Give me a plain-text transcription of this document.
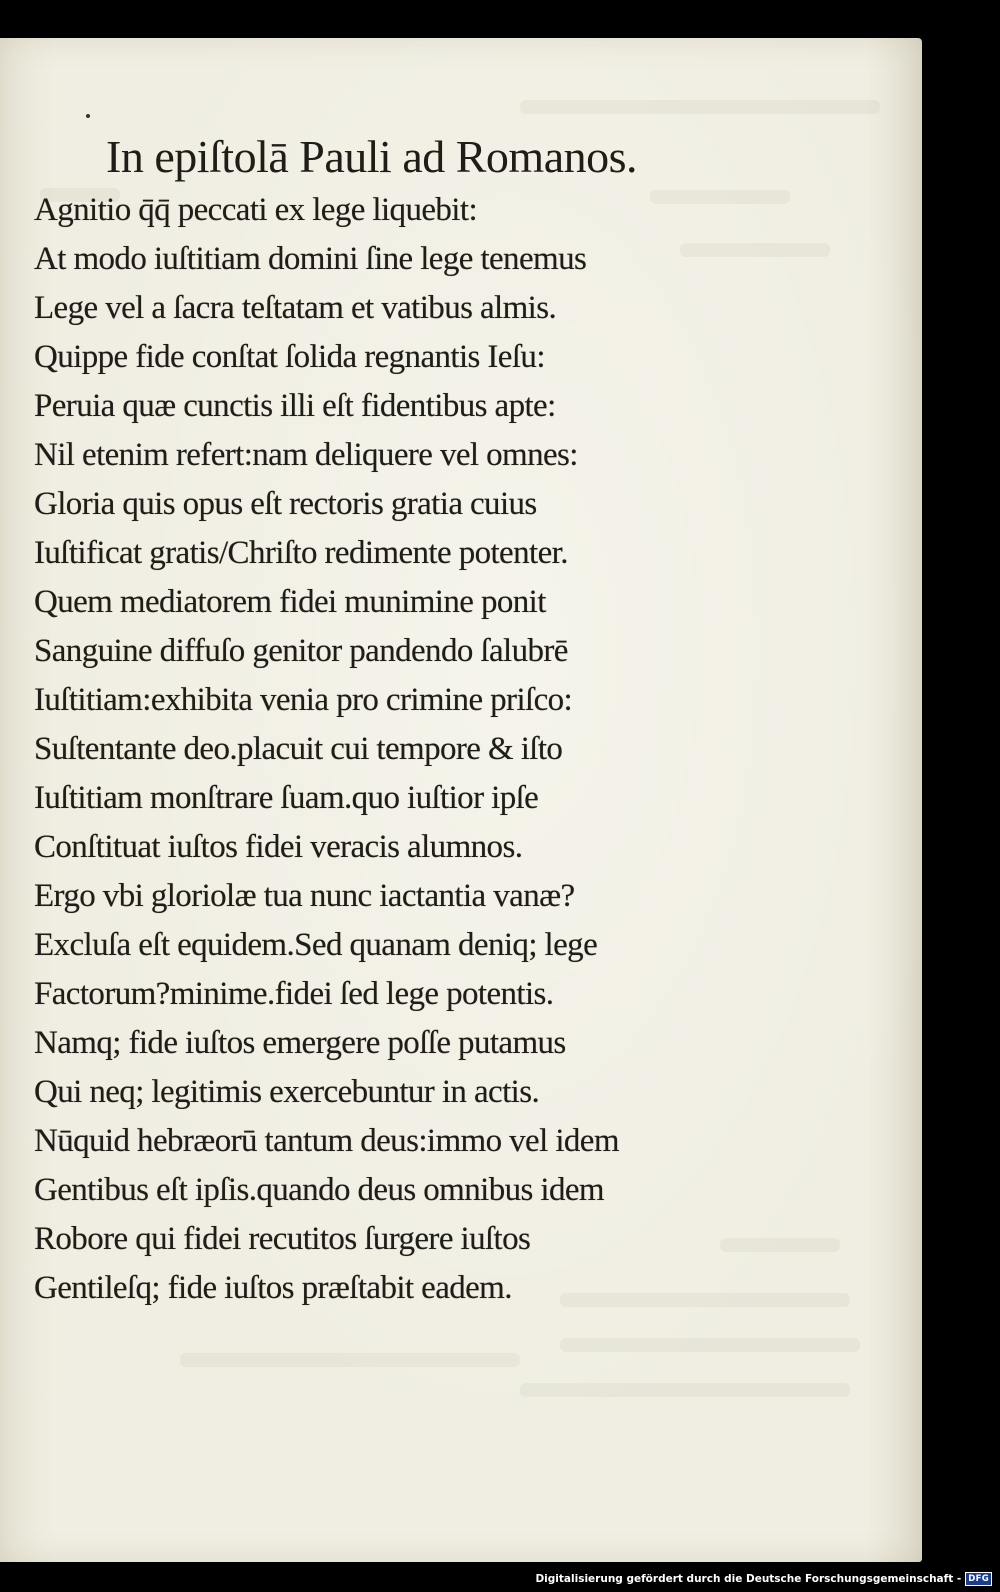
In epiſtolā Pauli ad Romanos.
Agnitio q̄q̄ peccati ex lege liquebit:
At modo iuſtitiam domini ſine lege tenemus
Lege vel a ſacra teſtatam et vatibus almis.
Quippe fide conſtat ſolida regnantis Ieſu:
Peruia quæ cunctis illi eſt fidentibus apte:
Nil etenim refert:nam deliquere vel omnes:
Gloria quis opus eſt rectoris gratia cuius
Iuſtificat gratis/Chriſto redimente potenter.
Quem mediatorem fidei munimine ponit
Sanguine diffuſo genitor pandendo ſalubrē
Iuſtitiam:exhibita venia pro crimine priſco:
Suſtentante deo.placuit cui tempore & iſto
Iuſtitiam monſtrare ſuam.quo iuſtior ipſe
Conſtituat iuſtos fidei veracis alumnos.
Ergo vbi gloriolæ tua nunc iactantia vanæ?
Excluſa eſt equidem.Sed quanam deniq; lege
Factorum?minime.fidei ſed lege potentis.
Namq; fide iuſtos emergere poſſe putamus
Qui neq; legitimis exercebuntur in actis.
Nūquid hebræorū tantum deus:immo vel idem
Gentibus eſt ipſis.quando deus omnibus idem
Robore qui fidei recutitos ſurgere iuſtos
Gentileſq; fide iuſtos præſtabit eadem.
Digitalisierung gefördert durch die Deutsche Forschungsgemeinschaft - DFG
